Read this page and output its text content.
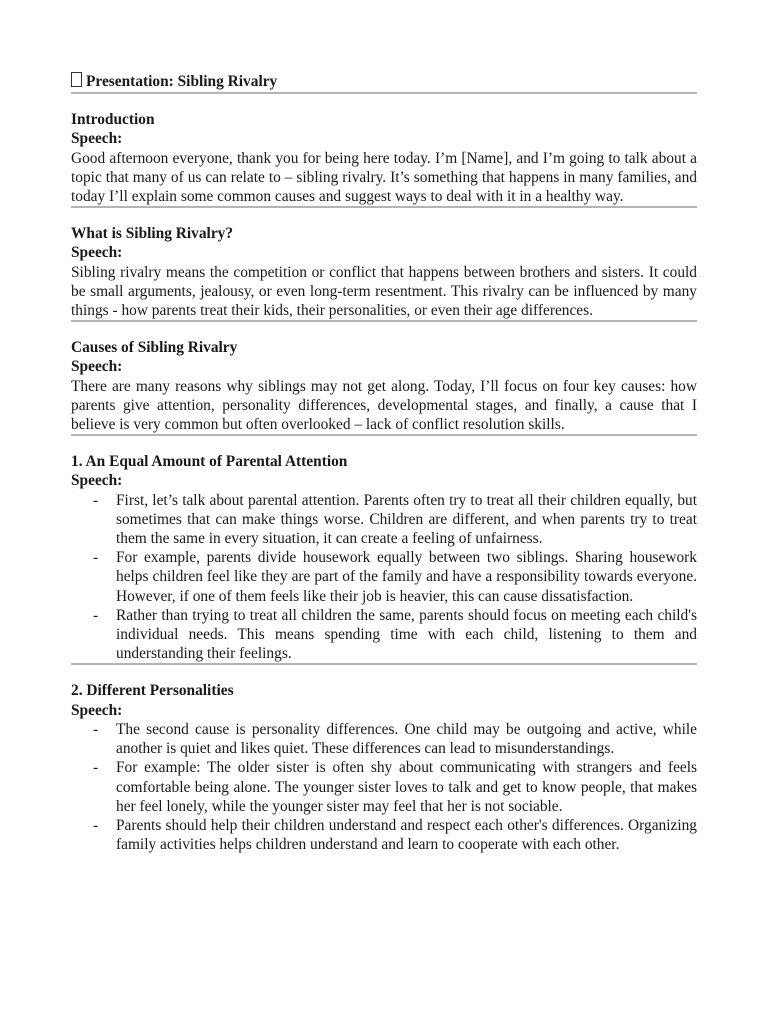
Presentation: Sibling Rivalry

Introduction

Speech:

Good afternoon everyone, thank you for being here today. I’m [Name], and I’m going to talk about a topic that many of us can relate to – sibling rivalry. It’s something that happens in many families, and today I’ll explain some common causes and suggest ways to deal with it in a healthy way.

What is Sibling Rivalry?

Speech:

Sibling rivalry means the competition or conflict that happens between brothers and sisters. It could be small arguments, jealousy, or even long-term resentment. This rivalry can be influenced by many things - how parents treat their kids, their personalities, or even their age differences.

Causes of Sibling Rivalry

Speech:

There are many reasons why siblings may not get along. Today, I’ll focus on four key causes: how parents give attention, personality differences, developmental stages, and finally, a cause that I believe is very common but often overlooked – lack of conflict resolution skills.

1. An Equal Amount of Parental Attention

Speech:

- First, let’s talk about parental attention. Parents often try to treat all their children equally, but sometimes that can make things worse. Children are different, and when parents try to treat them the same in every situation, it can create a feeling of unfairness.
- For example, parents divide housework equally between two siblings. Sharing housework helps children feel like they are part of the family and have a responsibility towards everyone. However, if one of them feels like their job is heavier, this can cause dissatisfaction.
- Rather than trying to treat all children the same, parents should focus on meeting each child's individual needs. This means spending time with each child, listening to them and understanding their feelings.

2. Different Personalities

Speech:

- The second cause is personality differences. One child may be outgoing and active, while another is quiet and likes quiet. These differences can lead to misunderstandings.
- For example: The older sister is often shy about communicating with strangers and feels comfortable being alone. The younger sister loves to talk and get to know people, that makes her feel lonely, while the younger sister may feel that her is not sociable.
- Parents should help their children understand and respect each other's differences. Organizing family activities helps children understand and learn to cooperate with each other.
